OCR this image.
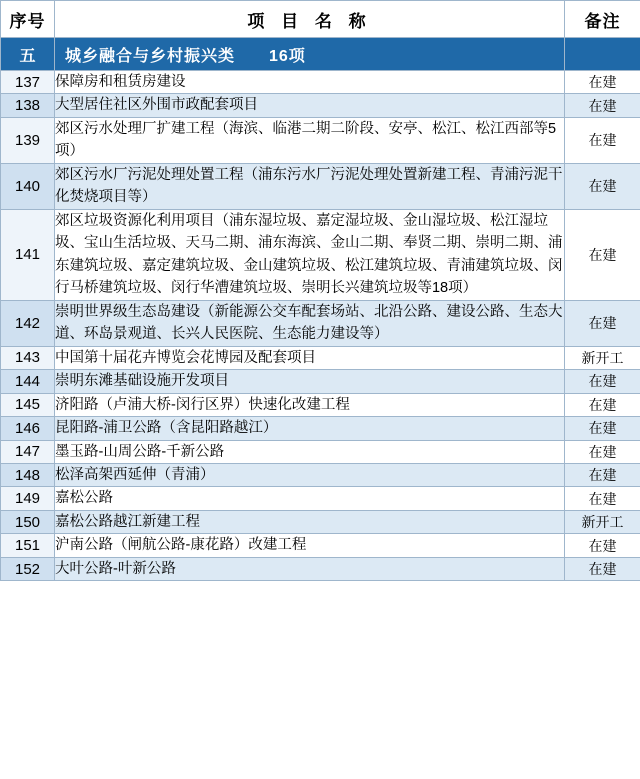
序号	项 目 名 称	备注
五	城乡融合与乡村振兴类　　16项	
137	保障房和租赁房建设	在建
138	大型居住社区外围市政配套项目	在建
139	郊区污水处理厂扩建工程（海滨、临港二期二阶段、安亭、松江、松江西部等5项）	在建
140	郊区污水厂污泥处理处置工程（浦东污水厂污泥处理处置新建工程、青浦污泥干化焚烧项目等）	在建
141	郊区垃圾资源化利用项目（浦东湿垃圾、嘉定湿垃圾、金山湿垃圾、松江湿垃圾、宝山生活垃圾、天马二期、浦东海滨、金山二期、奉贤二期、崇明二期、浦东建筑垃圾、嘉定建筑垃圾、金山建筑垃圾、松江建筑垃圾、青浦建筑垃圾、闵行马桥建筑垃圾、闵行华漕建筑垃圾、崇明长兴建筑垃圾等18项）	在建
142	崇明世界级生态岛建设（新能源公交车配套场站、北沿公路、建设公路、生态大道、环岛景观道、长兴人民医院、生态能力建设等）	在建
143	中国第十届花卉博览会花博园及配套项目	新开工
144	崇明东滩基础设施开发项目	在建
145	济阳路（卢浦大桥-闵行区界）快速化改建工程	在建
146	昆阳路-浦卫公路（含昆阳路越江）	在建
147	墨玉路-山周公路-千新公路	在建
148	松泽高架西延伸（青浦）	在建
149	嘉松公路	在建
150	嘉松公路越江新建工程	新开工
151	沪南公路（闸航公路-康花路）改建工程	在建
152	大叶公路-叶新公路	在建
